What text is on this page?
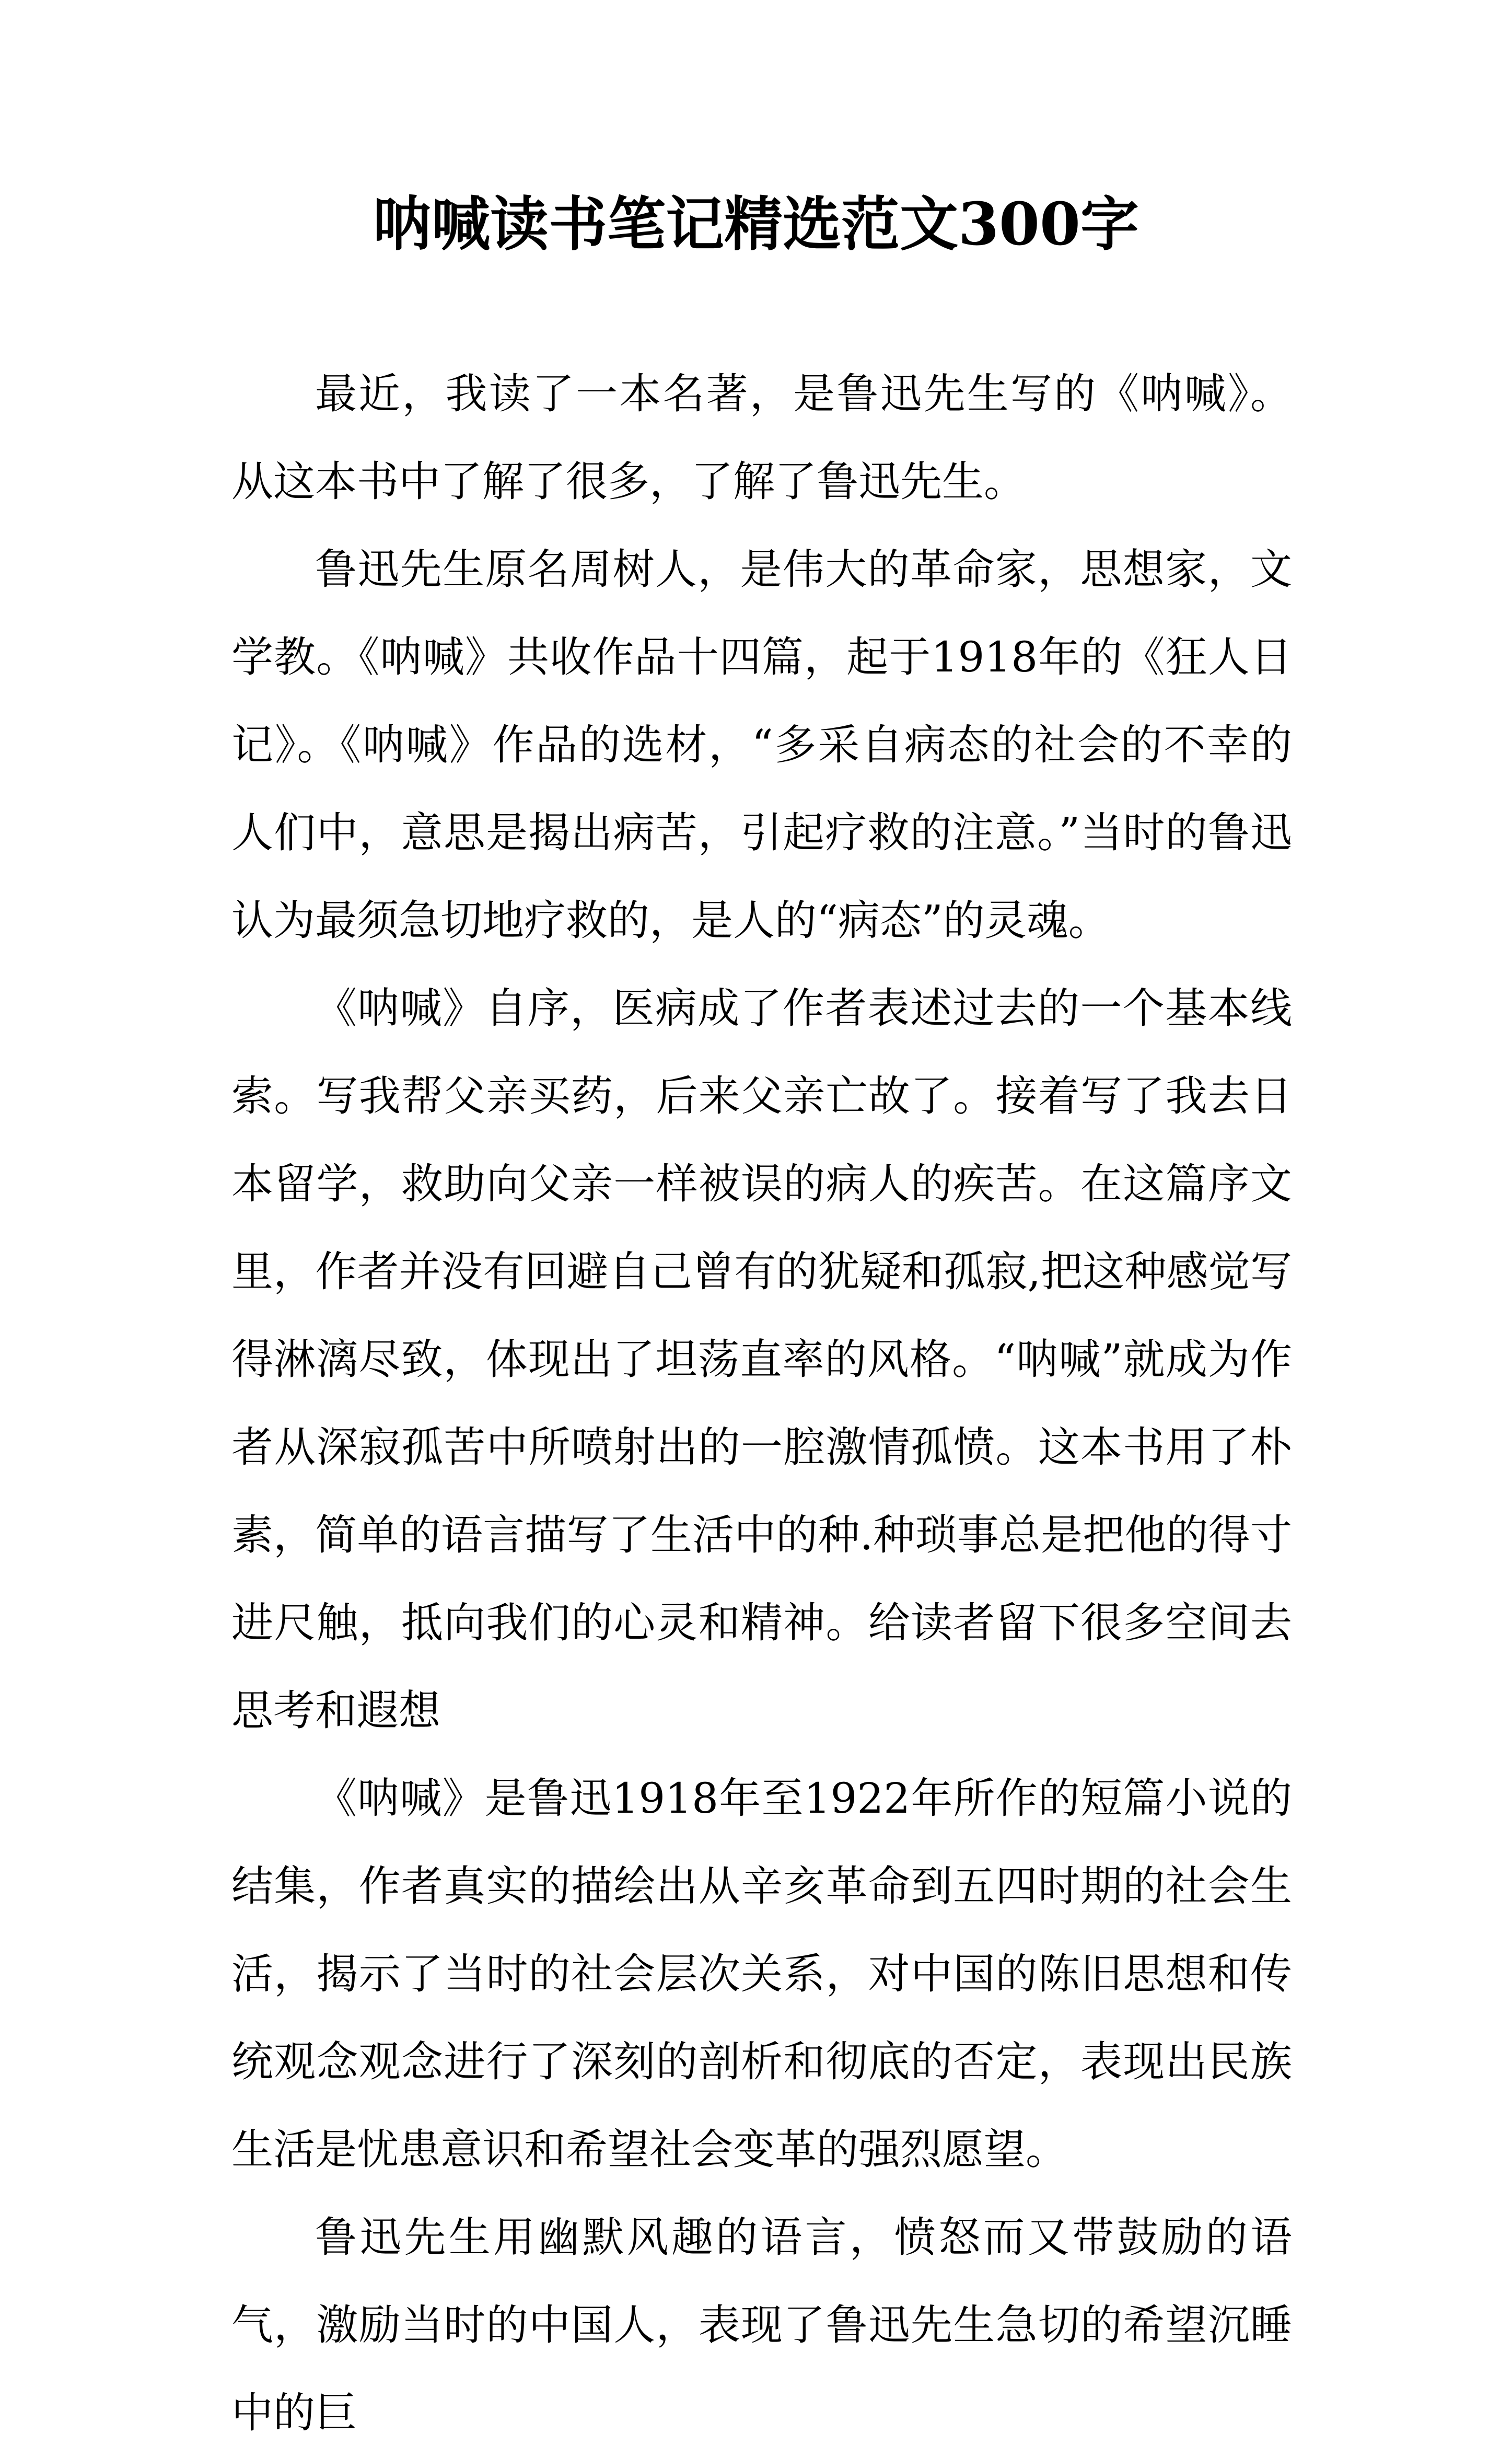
呐喊读书笔记精选范文300字

最近，我读了一本名著，是鲁迅先生写的《呐喊》。从这本书中了解了很多，了解了鲁迅先生。

鲁迅先生原名周树人，是伟大的革命家，思想家，文学教。《呐喊》共收作品十四篇，起于1918年的《狂人日记》。《呐喊》作品的选材，“多采自病态的社会的不幸的人们中，意思是揭出病苦，引起疗救的注意。”当时的鲁迅认为最须急切地疗救的，是人的“病态”的灵魂。

《呐喊》自序，医病成了作者表述过去的一个基本线索。写我帮父亲买药，后来父亲亡故了。接着写了我去日本留学，救助向父亲一样被误的病人的疾苦。在这篇序文里，作者并没有回避自己曾有的犹疑和孤寂,把这种感觉写得淋漓尽致，体现出了坦荡直率的风格。“呐喊”就成为作者从深寂孤苦中所喷射出的一腔激情孤愤。这本书用了朴素，简单的语言描写了生活中的种.种琐事总是把他的得寸进尺触，抵向我们的心灵和精神。给读者留下很多空间去思考和遐想

《呐喊》是鲁迅1918年至1922年所作的短篇小说的结集，作者真实的描绘出从辛亥革命到五四时期的社会生活，揭示了当时的社会层次关系，对中国的陈旧思想和传统观念观念进行了深刻的剖析和彻底的否定，表现出民族生活是忧患意识和希望社会变革的强烈愿望。

鲁迅先生用幽默风趣的语言，愤怒而又带鼓励的语气，激励当时的中国人，表现了鲁迅先生急切的希望沉睡中的巨
